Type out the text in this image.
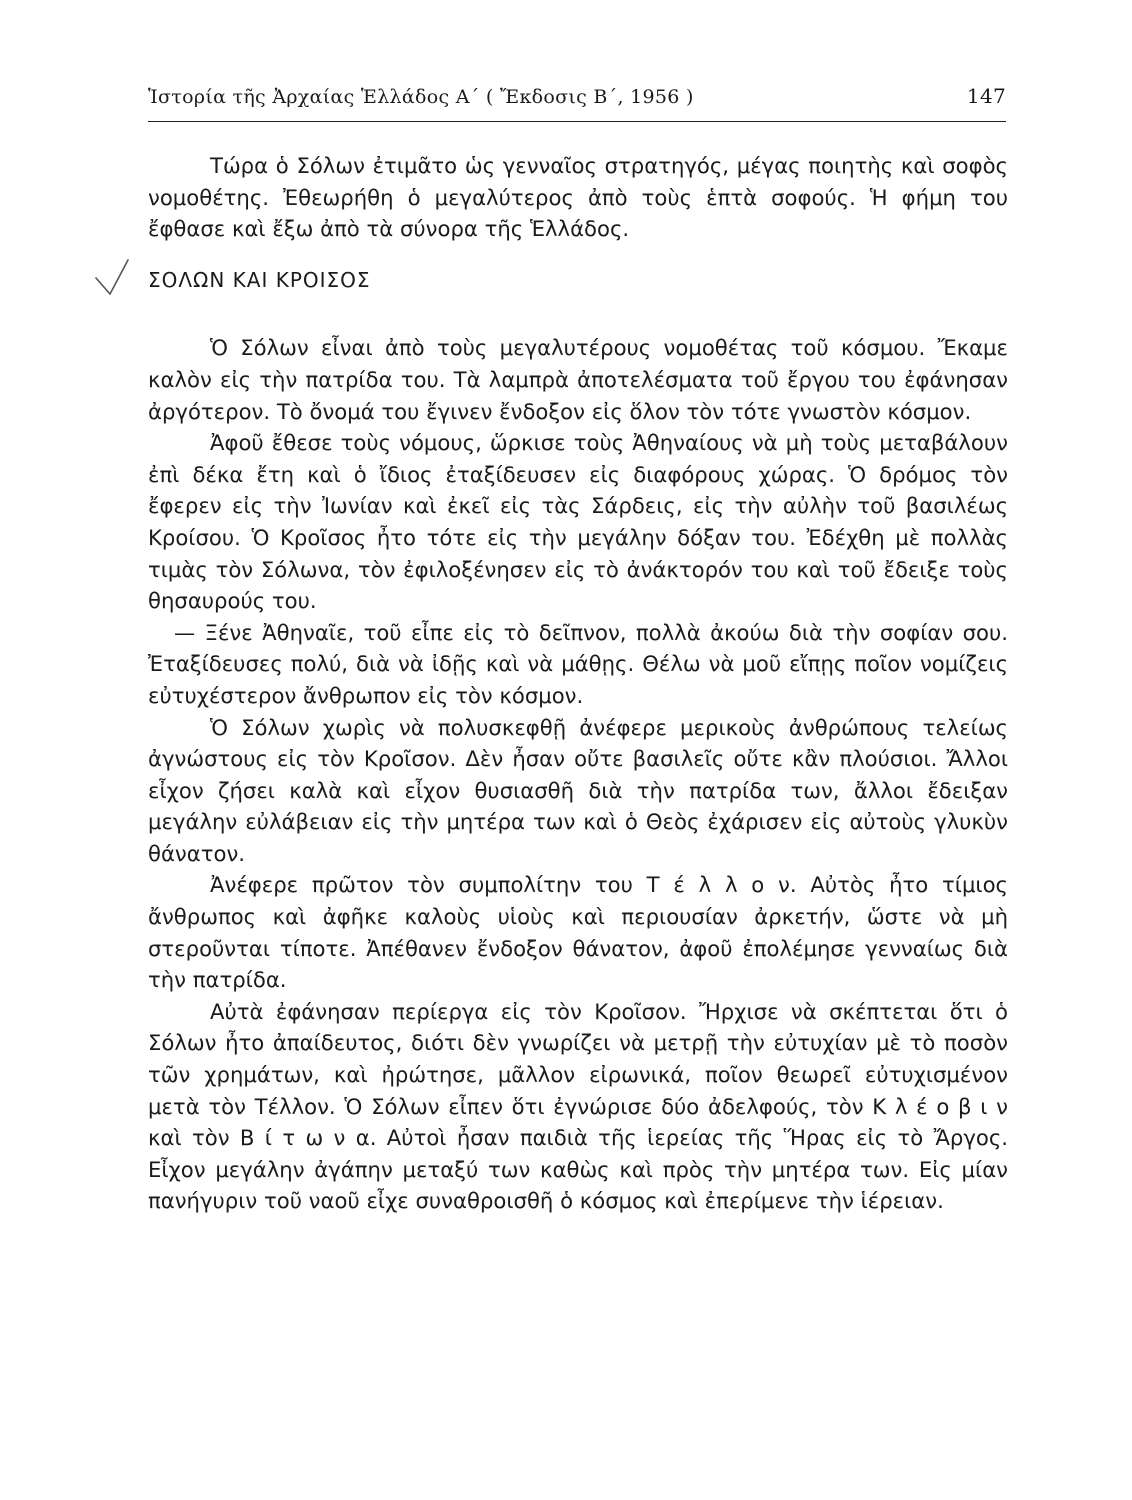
Ἱστορία τῆς Ἀρχαίας Ἑλλάδος Α΄ ( Ἔκδοσις Β΄, 1956 )	147

Τώρα ὁ Σόλων ἐτιμᾶτο ὡς γενναῖος στρατηγός, μέγας ποιητὴς καὶ σοφὸς νομοθέτης. Ἐθεωρήθη ὁ μεγαλύτερος ἀπὸ τοὺς ἑπτὰ σοφούς. Ἡ φήμη του ἔφθασε καὶ ἔξω ἀπὸ τὰ σύνορα τῆς Ἑλλάδος.

ΣΟΛΩΝ ΚΑΙ ΚΡΟΙΣΟΣ

Ὁ Σόλων εἶναι ἀπὸ τοὺς μεγαλυτέρους νομοθέτας τοῦ κόσμου. Ἔκαμε καλὸν εἰς τὴν πατρίδα του. Τὰ λαμπρὰ ἀποτελέσματα τοῦ ἔργου του ἐφάνησαν ἀργότερον. Τὸ ὄνομά του ἔγινεν ἔνδοξον εἰς ὅλον τὸν τότε γνωστὸν κόσμον.

Ἀφοῦ ἔθεσε τοὺς νόμους, ὥρκισε τοὺς Ἀθηναίους νὰ μὴ τοὺς μεταβάλουν ἐπὶ δέκα ἔτη καὶ ὁ ἴδιος ἐταξίδευσεν εἰς διαφόρους χώρας. Ὁ δρόμος τὸν ἔφερεν εἰς τὴν Ἰωνίαν καὶ ἐκεῖ εἰς τὰς Σάρδεις, εἰς τὴν αὐλὴν τοῦ βασιλέως Κροίσου. Ὁ Κροῖσος ἦτο τότε εἰς τὴν μεγάλην δόξαν του. Ἐδέχθη μὲ πολλὰς τιμὰς τὸν Σόλωνα, τὸν ἐφιλοξένησεν εἰς τὸ ἀνάκτορόν του καὶ τοῦ ἔδειξε τοὺς θησαυρούς του.

— Ξένε Ἀθηναῖε, τοῦ εἶπε εἰς τὸ δεῖπνον, πολλὰ ἀκούω διὰ τὴν σοφίαν σου. Ἐταξίδευσες πολύ, διὰ νὰ ἰδῇς καὶ νὰ μάθῃς. Θέλω νὰ μοῦ εἴπῃς ποῖον νομίζεις εὐτυχέστερον ἄνθρωπον εἰς τὸν κόσμον.

Ὁ Σόλων χωρὶς νὰ πολυσκεφθῇ ἀνέφερε μερικοὺς ἀνθρώπους τελείως ἀγνώστους εἰς τὸν Κροῖσον. Δὲν ἦσαν οὔτε βασιλεῖς οὔτε κἂν πλούσιοι. Ἄλλοι εἶχον ζήσει καλὰ καὶ εἶχον θυσιασθῆ διὰ τὴν πατρίδα των, ἄλλοι ἔδειξαν μεγάλην εὐλάβειαν εἰς τὴν μητέρα των καὶ ὁ Θεὸς ἐχάρισεν εἰς αὐτοὺς γλυκὺν θάνατον.

Ἀνέφερε πρῶτον τὸν συμπολίτην του Τ έ λ λ ο ν. Αὐτὸς ἦτο τίμιος ἄνθρωπος καὶ ἀφῆκε καλοὺς υἱοὺς καὶ περιουσίαν ἀρκετήν, ὥστε νὰ μὴ στεροῦνται τίποτε. Ἀπέθανεν ἔνδοξον θάνατον, ἀφοῦ ἐπολέμησε γενναίως διὰ τὴν πατρίδα.

Αὐτὰ ἐφάνησαν περίεργα εἰς τὸν Κροῖσον. Ἤρχισε νὰ σκέπτεται ὅτι ὁ Σόλων ἦτο ἀπαίδευτος, διότι δὲν γνωρίζει νὰ μετρῇ τὴν εὐτυχίαν μὲ τὸ ποσὸν τῶν χρημάτων, καὶ ἠρώτησε, μᾶλλον εἰρωνικά, ποῖον θεωρεῖ εὐτυχισμένον μετὰ τὸν Τέλλον. Ὁ Σόλων εἶπεν ὅτι ἐγνώρισε δύο ἀδελφούς, τὸν Κ λ έ ο β ι ν καὶ τὸν Β ί τ ω ν α. Αὐτοὶ ἦσαν παιδιὰ τῆς ἱερείας τῆς Ἥρας εἰς τὸ Ἄργος. Εἶχον μεγάλην ἀγάπην μεταξύ των καθὼς καὶ πρὸς τὴν μητέρα των. Εἰς μίαν πανήγυριν τοῦ ναοῦ εἶχε συναθροισθῆ ὁ κόσμος καὶ ἐπερίμενε τὴν ἱέρειαν.
